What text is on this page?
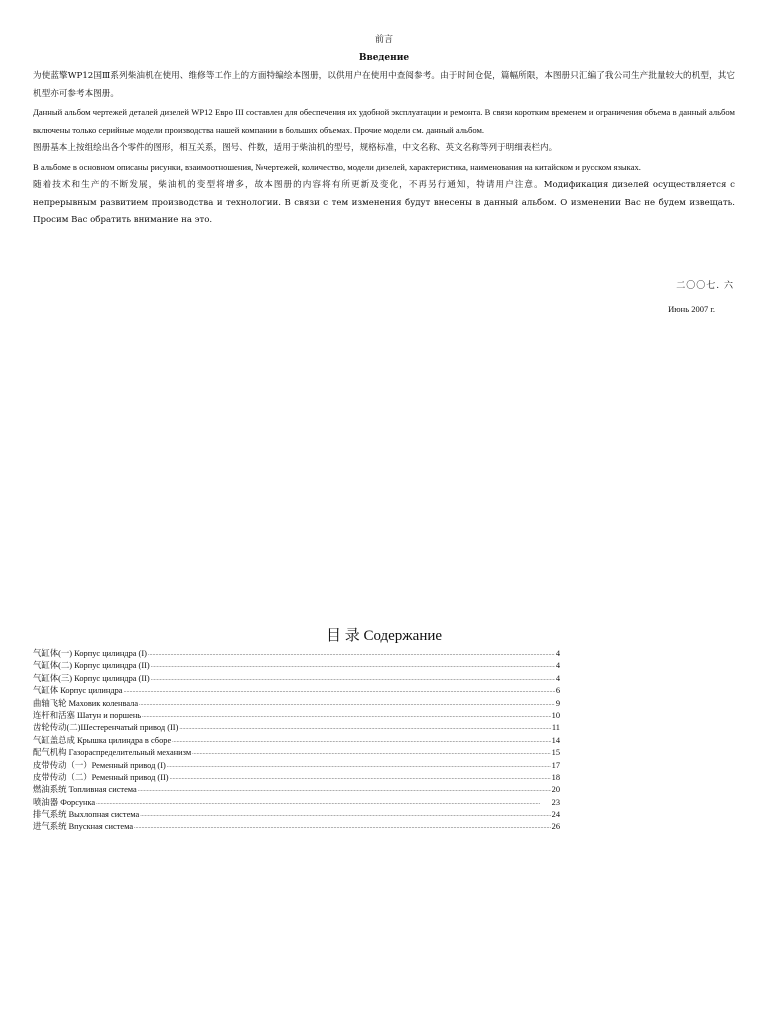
前言
Введение

为使蓝擎WP12国Ⅲ系列柴油机在使用、维修等工作上的方面特编绘本图册，以供用户在使用中查阅参考。由于时间仓促，篇幅所限，本图册只汇编了我公司生产批量较大的机型，其它机型亦可参考本图册。

Данный альбом чертежей деталей дизелей WP12 Евро III составлен для обеспечения их удобной эксплуатации и ремонта. В связи коротким временем и ограничения объема в данный альбом включены только серийные модели производства нашей компании в больших объемах. Прочие модели см. данный альбом.

图册基本上按组绘出各个零件的图形，相互关系，图号、件数，适用于柴油机的型号，规格标准，中文名称、英文名称等列于明细表栏内。

В альбоме в основном описаны рисунки, взаимоотношения, №чертежей, количество, модели дизелей, характеристика, наименования на китайском и русском языках.

随着技术和生产的不断发展，柴油机的变型将增多，故本图册的内容将有所更新及变化，不再另行通知，特请用户注意。Модификация дизелей осуществляется с непрерывным развитием производства и технологии. В связи с тем изменения будут внесены в данный альбом. О изменении Вас не будем извещать. Просим Вас обратить внимание на это.

二〇〇七. 六
Июнь 2007 г.
目 录 Содержание
气缸体(一) Корпус цилиндра (I) .....	4
气缸体(二) Корпус цилиндра (II) .....	4
气缸体(三) Корпус цилиндра (II) .....	4
气缸体 Корпус цилиндра .....	6
曲轴飞轮 Маховик коленвала .....	9
连杆和活塞 Шатун и поршень .....	10
齿轮传动(二)Шестеренчатый привод (II) .....	11
气缸盖总成 Крышка цилиндра в сборе .....	14
配气机构 Газораспределительный механизм .....	15
皮带传动（一）Ременный привод (I) .....	17
皮带传动（二）Ременный привод (II) .....	18
燃油系统 Топливная система .....	20
喷油器 Форсунка .....	23
排气系统 Выхлопная система .....	24
进气系统 Впускная система .....	26
